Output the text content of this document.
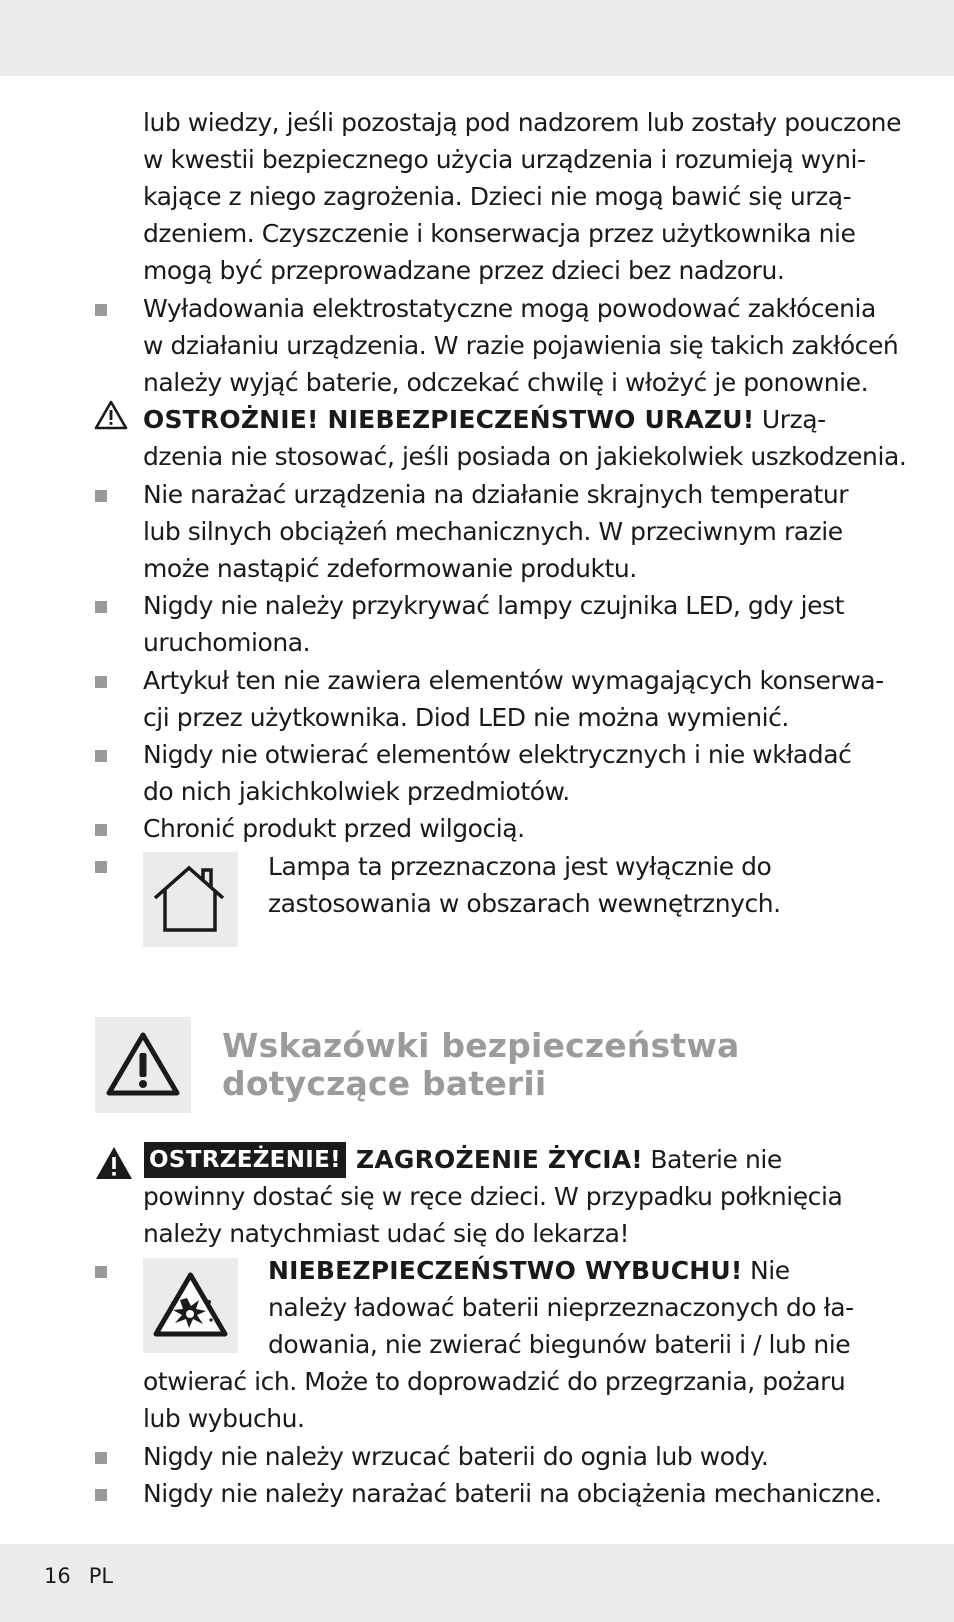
lub wiedzy, jeśli pozostają pod nadzorem lub zostały pouczone
w kwestii bezpiecznego użycia urządzenia i rozumieją wyni-
kające z niego zagrożenia. Dzieci nie mogą bawić się urzą-
dzeniem. Czyszczenie i konserwacja przez użytkownika nie
mogą być przeprowadzane przez dzieci bez nadzoru.
Wyładowania elektrostatyczne mogą powodować zakłócenia
w działaniu urządzenia. W razie pojawienia się takich zakłóceń
należy wyjąć baterie, odczekać chwilę i włożyć je ponownie.
OSTROŻNIE! NIEBEZPIECZEŃSTWO URAZU! Urzą-
dzenia nie stosować, jeśli posiada on jakiekolwiek uszkodzenia.
Nie narażać urządzenia na działanie skrajnych temperatur
lub silnych obciążeń mechanicznych. W przeciwnym razie
może nastąpić zdeformowanie produktu.
Nigdy nie należy przykrywać lampy czujnika LED, gdy jest
uruchomiona.
Artykuł ten nie zawiera elementów wymagających konserwa-
cji przez użytkownika. Diod LED nie można wymienić.
Nigdy nie otwierać elementów elektrycznych i nie wkładać
do nich jakichkolwiek przedmiotów.
Chronić produkt przed wilgocią.
Lampa ta przeznaczona jest wyłącznie do
zastosowania w obszarach wewnętrznych.
Wskazówki bezpieczeństwa
dotyczące baterii
OSTRZEŻENIE! ZAGROŻENIE ŻYCIA! Baterie nie
powinny dostać się w ręce dzieci. W przypadku połknięcia
należy natychmiast udać się do lekarza!
NIEBEZPIECZEŃSTWO WYBUCHU! Nie
należy ładować baterii nieprzeznaczonych do ła-
dowania, nie zwierać biegunów baterii i / lub nie
otwierać ich. Może to doprowadzić do przegrzania, pożaru
lub wybuchu.
Nigdy nie należy wrzucać baterii do ognia lub wody.
Nigdy nie należy narażać baterii na obciążenia mechaniczne.
16 PL
